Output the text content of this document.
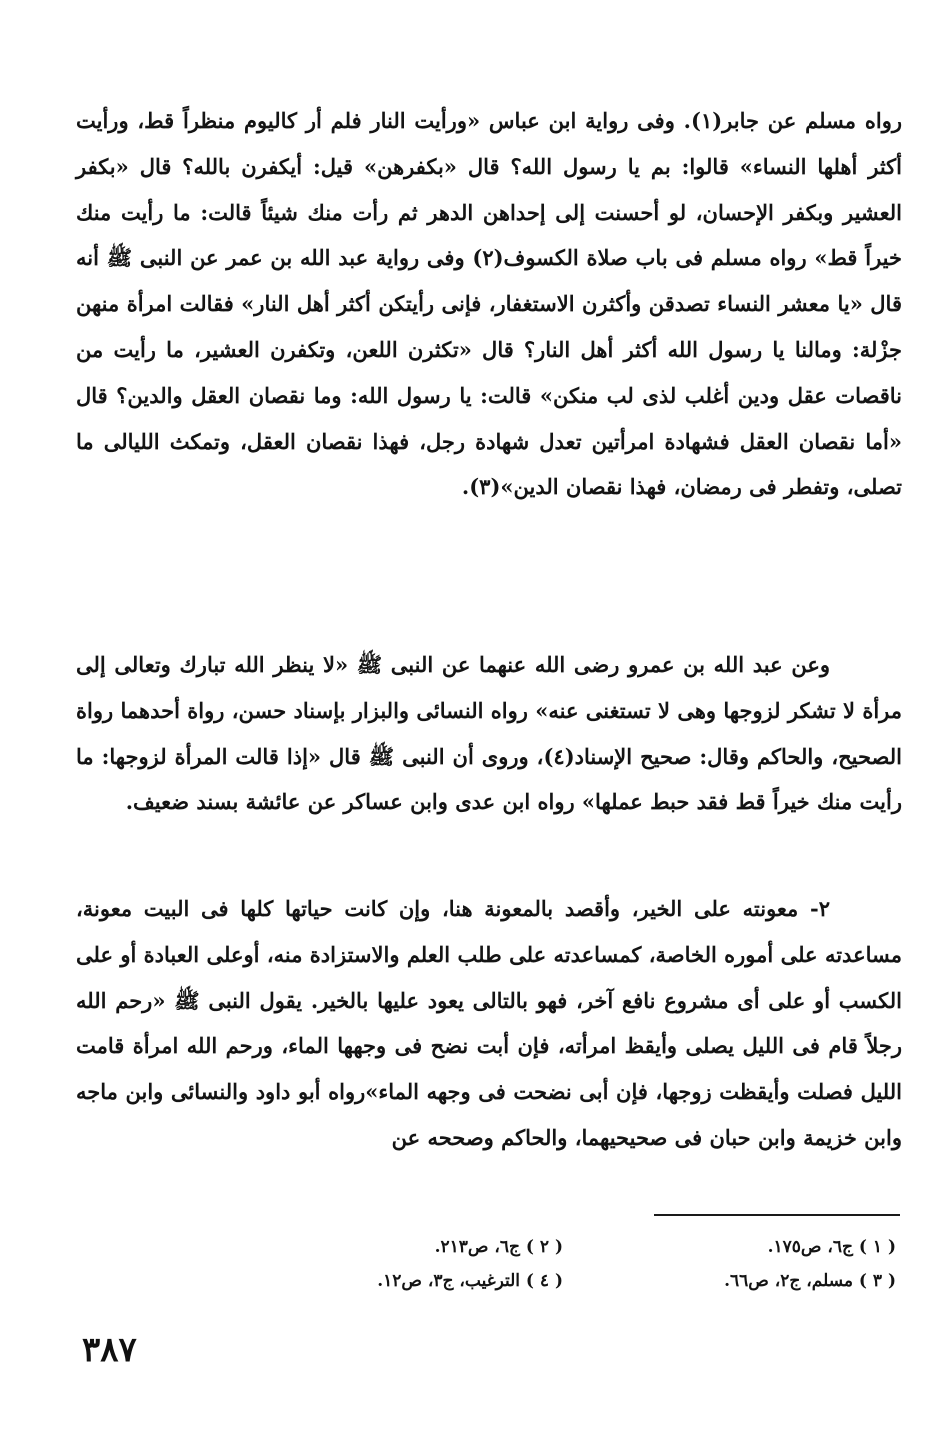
رواه مسلم عن جابر(١). وفى رواية ابن عباس «ورأيت النار فلم أر كاليوم منظراً قط، ورأيت أكثر أهلها النساء» قالوا: بم يا رسول الله؟ قال «بكفرهن» قيل: أيكفرن بالله؟ قال «بكفر العشير وبكفر الإحسان، لو أحسنت إلى إحداهن الدهر ثم رأت منك شيئاً قالت: ما رأيت منك خيراً قط» رواه مسلم فى باب صلاة الكسوف(٢) وفى رواية عبد الله بن عمر عن النبى ﷺ أنه قال «يا معشر النساء تصدقن وأكثرن الاستغفار، فإنى رأيتكن أكثر أهل النار» فقالت امرأة منهن جزْلة: ومالنا يا رسول الله أكثر أهل النار؟ قال «تكثرن اللعن، وتكفرن العشير، ما رأيت من ناقصات عقل ودين أغلب لذى لب منكن» قالت: يا رسول الله: وما نقصان العقل والدين؟ قال «أما نقصان العقل فشهادة امرأتين تعدل شهادة رجل، فهذا نقصان العقل، وتمكث الليالى ما تصلى، وتفطر فى رمضان، فهذا نقصان الدين»(٣).

وعن عبد الله بن عمرو رضى الله عنهما عن النبى ﷺ «لا ينظر الله تبارك وتعالى إلى مرأة لا تشكر لزوجها وهى لا تستغنى عنه» رواه النسائى والبزار بإسناد حسن، رواة أحدهما رواة الصحيح، والحاكم وقال: صحيح الإسناد(٤)، وروى أن النبى ﷺ قال «إذا قالت المرأة لزوجها: ما رأيت منك خيراً قط فقد حبط عملها» رواه ابن عدى وابن عساكر عن عائشة بسند ضعيف.

٢- معونته على الخير، وأقصد بالمعونة هنا، وإن كانت حياتها كلها فى البيت معونة، مساعدته على أموره الخاصة، كمساعدته على طلب العلم والاستزادة منه، أوعلى العبادة أو على الكسب أو على أى مشروع نافع آخر، فهو بالتالى يعود عليها بالخير. يقول النبى ﷺ «رحم الله رجلاً قام فى الليل يصلى وأيقظ امرأته، فإن أبت نضح فى وجهها الماء، ورحم الله امرأة قامت الليل فصلت وأيقظت زوجها، فإن أبى نضحت فى وجهه الماء»رواه أبو داود والنسائى وابن ماجه وابن خزيمة وابن حبان فى صحيحيهما، والحاكم وصححه عن

( ١ ) ج٦، ص١٧٥.
( ٢ ) ج٦، ص٢١٣.
( ٣ ) مسلم، ج٢، ص٦٦.
( ٤ ) الترغيب، ج٣، ص١٢.
٣٨٧
